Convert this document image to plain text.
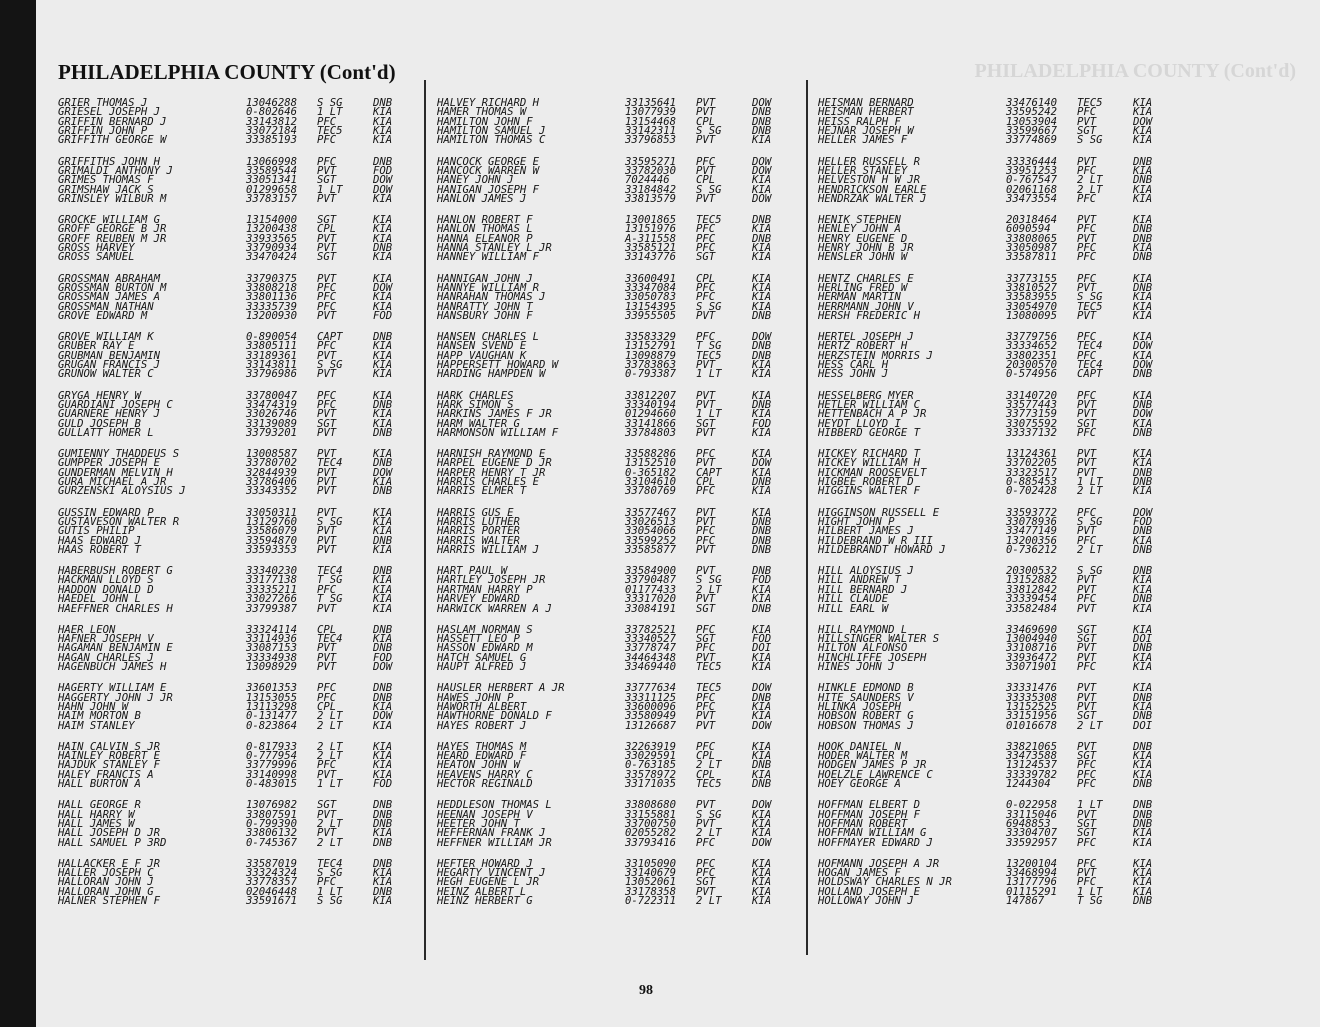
PHILADELPHIA COUNTY (Cont'd)
PHILADELPHIA COUNTY (Cont'd)
GRIER THOMAS J	13046288 S SG	DNB
GRIESEL JOSEPH J	0-802646 1 LT	KIA
GRIFFIN BERNARD J	33143812 PFC	KIA
GRIFFIN JOHN P	33072184 TEC5	KIA
GRIFFITH GEORGE W	33385193 PFC	KIA
GRIFFITHS JOHN H	13066998 PFC	DNB
GRIMALDI ANTHONY J	33589544 PVT	FOD
GRIMES THOMAS F	33051341 SGT	DOW
GRIMSHAW JACK S	01299658 1 LT	DOW
GRINSLEY WILBUR M	33783157 PVT	KIA
GROCKE WILLIAM G	13154000 SGT	KIA
GROFF GEORGE B JR	13200438 CPL	KIA
GROFF REUBEN M JR	33933565 PVT	KIA
GROSS HARVEY	33790934 PVT	DNB
GROSS SAMUEL	33470424 SGT	KIA
GROSSMAN ABRAHAM	33790375 PVT	KIA
GROSSMAN BURTON M	33808218 PFC	DOW
GROSSMAN JAMES A	33801136 PFC	KIA
GROSSMAN NATHAN	33335739 PFC	KIA
GROVE EDWARD M	13200930 PVT	FOD
GROVE WILLIAM K	0-890054 CAPT	DNB
GRUBER RAY E	33805111 PFC	KIA
GRUBMAN BENJAMIN	33189361 PVT	KIA
GRUGAN FRANCIS J	33143811 S SG	KIA
GRUNOW WALTER C	33796986 PVT	KIA
GRYGA HENRY W	33780047 PFC	KIA
GUARDIANI JOSEPH C	33474319 PFC	DNB
GUARNERE HENRY J	33026746 PVT	KIA
GULD JOSEPH B	33139089 SGT	KIA
GULLATT HOMER L	33793201 PVT	DNB
GUMIENNY THADDEUS S	13008587 PVT	KIA
GUMPPER JOSEPH E	33780702 TEC4	DNB
GUNDERMAN MELVIN H	32844939 PVT	DOW
GURA MICHAEL A JR	33786406 PVT	KIA
GURZENSKI ALOYSIUS J	33343352 PVT	DNB
GUSSIN EDWARD P	33050311 PVT	KIA
GUSTAVESON WALTER R	13129760 S SG	KIA
GUTIS PHILIP	33586079 PVT	KIA
HAAS EDWARD J	33594870 PVT	DNB
HAAS ROBERT T	33593353 PVT	KIA
HABERBUSH ROBERT G	33340230 TEC4	DNB
HACKMAN LLOYD S	33177138 T SG	KIA
HADDON DONALD D	33335211 PFC	KIA
HAEDEL JOHN L	33027266 T SG	KIA
HAEFFNER CHARLES H	33799387 PVT	KIA
HAER LEON	33324114 CPL	DNB
HAFNER JOSEPH V	33114936 TEC4	KIA
HAGAMAN BENJAMIN E	33087153 PVT	DNB
HAGAN CHARLES J	33334938 PVT	FOD
HAGENBUCH JAMES H	13098929 PVT	DOW
HAGERTY WILLIAM E	33601353 PFC	DNB
HAGGERTY JOHN J JR	13153055 PFC	DNB
HAHN JOHN W	13113298 CPL	KIA
HAIM MORTON B	0-131477 2 LT	DOW
HAIM STANLEY	0-823864 2 LT	KIA
HAIN CALVIN S JR	0-817933 2 LT	KIA
HAINLEY ROBERT E	0-777954 2 LT	KIA
HAJDUK STANLEY F	33779996 PFC	KIA
HALEY FRANCIS A	33140998 PVT	KIA
HALL BURTON A	0-483015 1 LT	FOD
HALL GEORGE R	13076982 SGT	DNB
HALL HARRY W	33807591 PVT	DNB
HALL JAMES W	0-799390 2 LT	DNB
HALL JOSEPH D JR	33806132 PVT	KIA
HALL SAMUEL P 3RD	0-745367 2 LT	DNB
HALLACKER E F JR	33587019 TEC4	DNB
HALLER JOSEPH C	33324324 S SG	KIA
HALLORAN JOHN J	33778357 PFC	KIA
HALLORAN JOHN G	02046448 1 LT	DNB
HALNER STEPHEN F	33591671 S SG	KIA
HALVEY RICHARD H	33135641 PVT	DOW
HAMER THOMAS W	13077939 PVT	DNB
HAMILTON JOHN F	13154468 CPL	DNB
HAMILTON SAMUEL J	33142311 S SG	DNB
HAMILTON THOMAS C	33796853 PVT	KIA
HANCOCK GEORGE E	33595271 PFC	DOW
HANCOCK WARREN W	33782030 PVT	DOW
HANEY JOHN J	7024446 CPL	KIA
HANIGAN JOSEPH F	33184842 S SG	KIA
HANLON JAMES J	33813579 PVT	DOW
HANLON ROBERT F	13001865 TEC5	DNB
HANLON THOMAS L	13151976 PFC	KIA
HANNA ELEANOR P	A-311558 PFC	DNB
HANNA STANLEY L JR	33585121 PFC	KIA
HANNEY WILLIAM F	33143776 SGT	KIA
HANNIGAN JOHN J	33600491 CPL	KIA
HANNYE WILLIAM R	33347084 PFC	KIA
HANRAHAN THOMAS J	33050783 PFC	KIA
HANRATTY JOHN T	13154395 S SG	KIA
HANSBURY JOHN F	33955505 PVT	DNB
HANSEN CHARLES L	33583329 PFC	DOW
HANSEN SVEND E	13152791 T SG	DNB
HAPP VAUGHAN K	13098879 TEC5	DNB
HAPPERSETT HOWARD W	33783863 PVT	KIA
HARDING HAMPDEN W	0-793387 1 LT	KIA
HARK CHARLES	33812207 PVT	KIA
HARK SIMON S	33340194 PVT	DNB
HARKINS JAMES F JR	01294660 1 LT	KIA
HARM WALTER G	33141866 SGT	FOD
HARMONSON WILLIAM F	33784803 PVT	KIA
HARNISH RAYMOND E	33588286 PFC	KIA
HARPEL EUGENE D JR	13152510 PVT	DOW
HARPER HENRY T JR	0-365182 CAPT	KIA
HARRIS CHARLES E	33104610 CPL	DNB
HARRIS ELMER T	33780769 PFC	KIA
HARRIS GUS E	33577467 PVT	KIA
HARRIS LUTHER	33026513 PVT	DNB
HARRIS PORTER	33054066 PFC	DNB
HARRIS WALTER	33599252 PFC	DNB
HARRIS WILLIAM J	33585877 PVT	DNB
HART PAUL W	33584900 PVT	DNB
HARTLEY JOSEPH JR	33790487 S SG	FOD
HARTMAN HARRY P	01177433 2 LT	KIA
HARVEY EDWARD	33317020 PVT	KIA
HARWICK WARREN A J	33084191 SGT	DNB
HASLAM NORMAN S	33782521 PFC	KIA
HASSETT LEO P	33340527 SGT	FOD
HASSON EDWARD M	33778747 PFC	DOI
HATCH SAMUEL G	34464348 PVT	KIA
HAUPT ALFRED J	33469440 TEC5	KIA
HAUSLER HERBERT A JR	33777634 TEC5	DOW
HAWES JOHN P	33311125 PFC	DNB
HAWORTH ALBERT	33600096 PFC	KIA
HAWTHORNE DONALD F	33580949 PVT	KIA
HAYES ROBERT J	13126687 PVT	DOW
HAYES THOMAS M	32263919 PFC	KIA
HEARD EDWARD F	33029591 CPL	KIA
HEATON JOHN W	0-763185 2 LT	DNB
HEAVENS HARRY C	33578972 CPL	KIA
HECTOR REGINALD	33171035 TEC5	DNB
HEDDLESON THOMAS L	33808680 PVT	DOW
HEENAN JOSEPH V	33155881 S SG	KIA
HEETER JOHN T	33700750 PVT	KIA
HEFFERNAN FRANK J	02055282 2 LT	KIA
HEFFNER WILLIAM JR	33793416 PFC	DOW
HEFTER HOWARD J	33105090 PFC	KIA
HEGARTY VINCENT J	33140679 PFC	KIA
HEGH EUGENE L JR	13052061 SGT	KIA
HEINZ ALBERT L	33178358 PVT	KIA
HEINZ HERBERT G	0-722311 2 LT	KIA
HEISMAN BERNARD	33476140 TEC5	KIA
HEISMAN HERBERT	33595242 PFC	KIA
HEISS RALPH F	13053904 PVT	DOW
HEJNAR JOSEPH W	33599667 SGT	KIA
HELLER JAMES F	33774869 S SG	KIA
HELLER RUSSELL R	33336444 PVT	DNB
HELLER STANLEY	33951253 PFC	KIA
HELVESTON H W JR	0-767547 2 LT	DNB
HENDRICKSON EARLE	02061168 2 LT	KIA
HENDRZAK WALTER J	33473554 PFC	KIA
HENIK STEPHEN	20318464 PVT	KIA
HENLEY JOHN A	6090594 PFC	DNB
HENRY EUGENE D	33808065 PVT	DNB
HENRY JOHN B JR	33050987 PFC	KIA
HENSLER JOHN W	33587811 PFC	DNB
HENTZ CHARLES E	33773155 PFC	KIA
HERLING FRED W	33810527 PVT	DNB
HERMAN MARTIN	33583955 S SG	KIA
HERRMANN JOHN V	33054970 TEC5	KIA
HERSH FREDERIC H	13080095 PVT	KIA
HERTEL JOSEPH J	33779756 PFC	KIA
HERTZ ROBERT H	33334652 TEC4	DOW
HERZSTEIN MORRIS J	33802351 PFC	KIA
HESS CARL H	20300570 TEC4	DOW
HESS JOHN J	0-574956 CAPT	DNB
HESSELBERG MYER	33140720 PFC	KIA
HETLER WILLIAM C	33577443 PVT	DNB
HETTENBACH A P JR	33773159 PVT	DOW
HEYDT LLOYD I	33075592 SGT	KIA
HIBBERD GEORGE T	33337132 PFC	DNB
HICKEY RICHARD T	13124361 PVT	KIA
HICKEY WILLIAM H	33702205 PVT	KIA
HICKMAN ROOSEVELT	33323517 PVT	DNB
HIGBEE ROBERT D	0-885453 1 LT	DNB
HIGGINS WALTER F	0-702428 2 LT	KIA
HIGGINSON RUSSELL E	33593772 PFC	DOW
HIGHT JOHN P	33078936 S SG	FOD
HILBERT JAMES J	33477149 PVT	DNB
HILDEBRAND W R III	13200356 PFC	KIA
HILDEBRANDT HOWARD J	0-736212 2 LT	DNB
HILL ALOYSIUS J	20300532 S SG	DNB
HILL ANDREW T	13152882 PVT	KIA
HILL BERNARD J	33812842 PVT	KIA
HILL CLAUDE	33339454 PFC	DNB
HILL EARL W	33582484 PVT	KIA
HILL RAYMOND L	33469690 SGT	KIA
HILLSINGER WALTER S	13004940 SGT	DOI
HILTON ALFONSO	33108716 PVT	DNB
HINCHLIFFE JOSEPH	33936472 PVT	KIA
HINES JOHN J	33071901 PFC	KIA
HINKLE EDMOND B	33331476 PVT	KIA
HITE SAUNDERS V	33335308 PVT	DNB
HLINKA JOSEPH	13152525 PVT	KIA
HOBSON ROBERT G	33151956 SGT	DNB
HOBSON THOMAS J	01016678 2 LT	DOI
HOOK DANIEL N	33821065 PVT	DNB
HODER WALTER M	33473588 SGT	KIA
HODGEN JAMES P JR	13124537 PFC	KIA
HOELZLE LAWRENCE C	33339782 PFC	KIA
HOEY GEORGE A	1244304 PFC	DNB
HOFFMAN ELBERT D	0-022958 1 LT	DNB
HOFFMAN JOSEPH F	33115046 PVT	DNB
HOFFMAN ROBERT	6948853 SGT	DNB
HOFFMAN WILLIAM G	33304707 SGT	KIA
HOFFMAYER EDWARD J	33592957 PFC	KIA
HOFMANN JOSEPH A JR	13200104 PFC	KIA
HOGAN JAMES F	33468994 PVT	KIA
HOLDSWAY CHARLES N JR	13177796 PFC	KIA
HOLLAND JOSEPH E	01115291 1 LT	KIA
HOLLOWAY JOHN J	147867	T SG	DNB
98
